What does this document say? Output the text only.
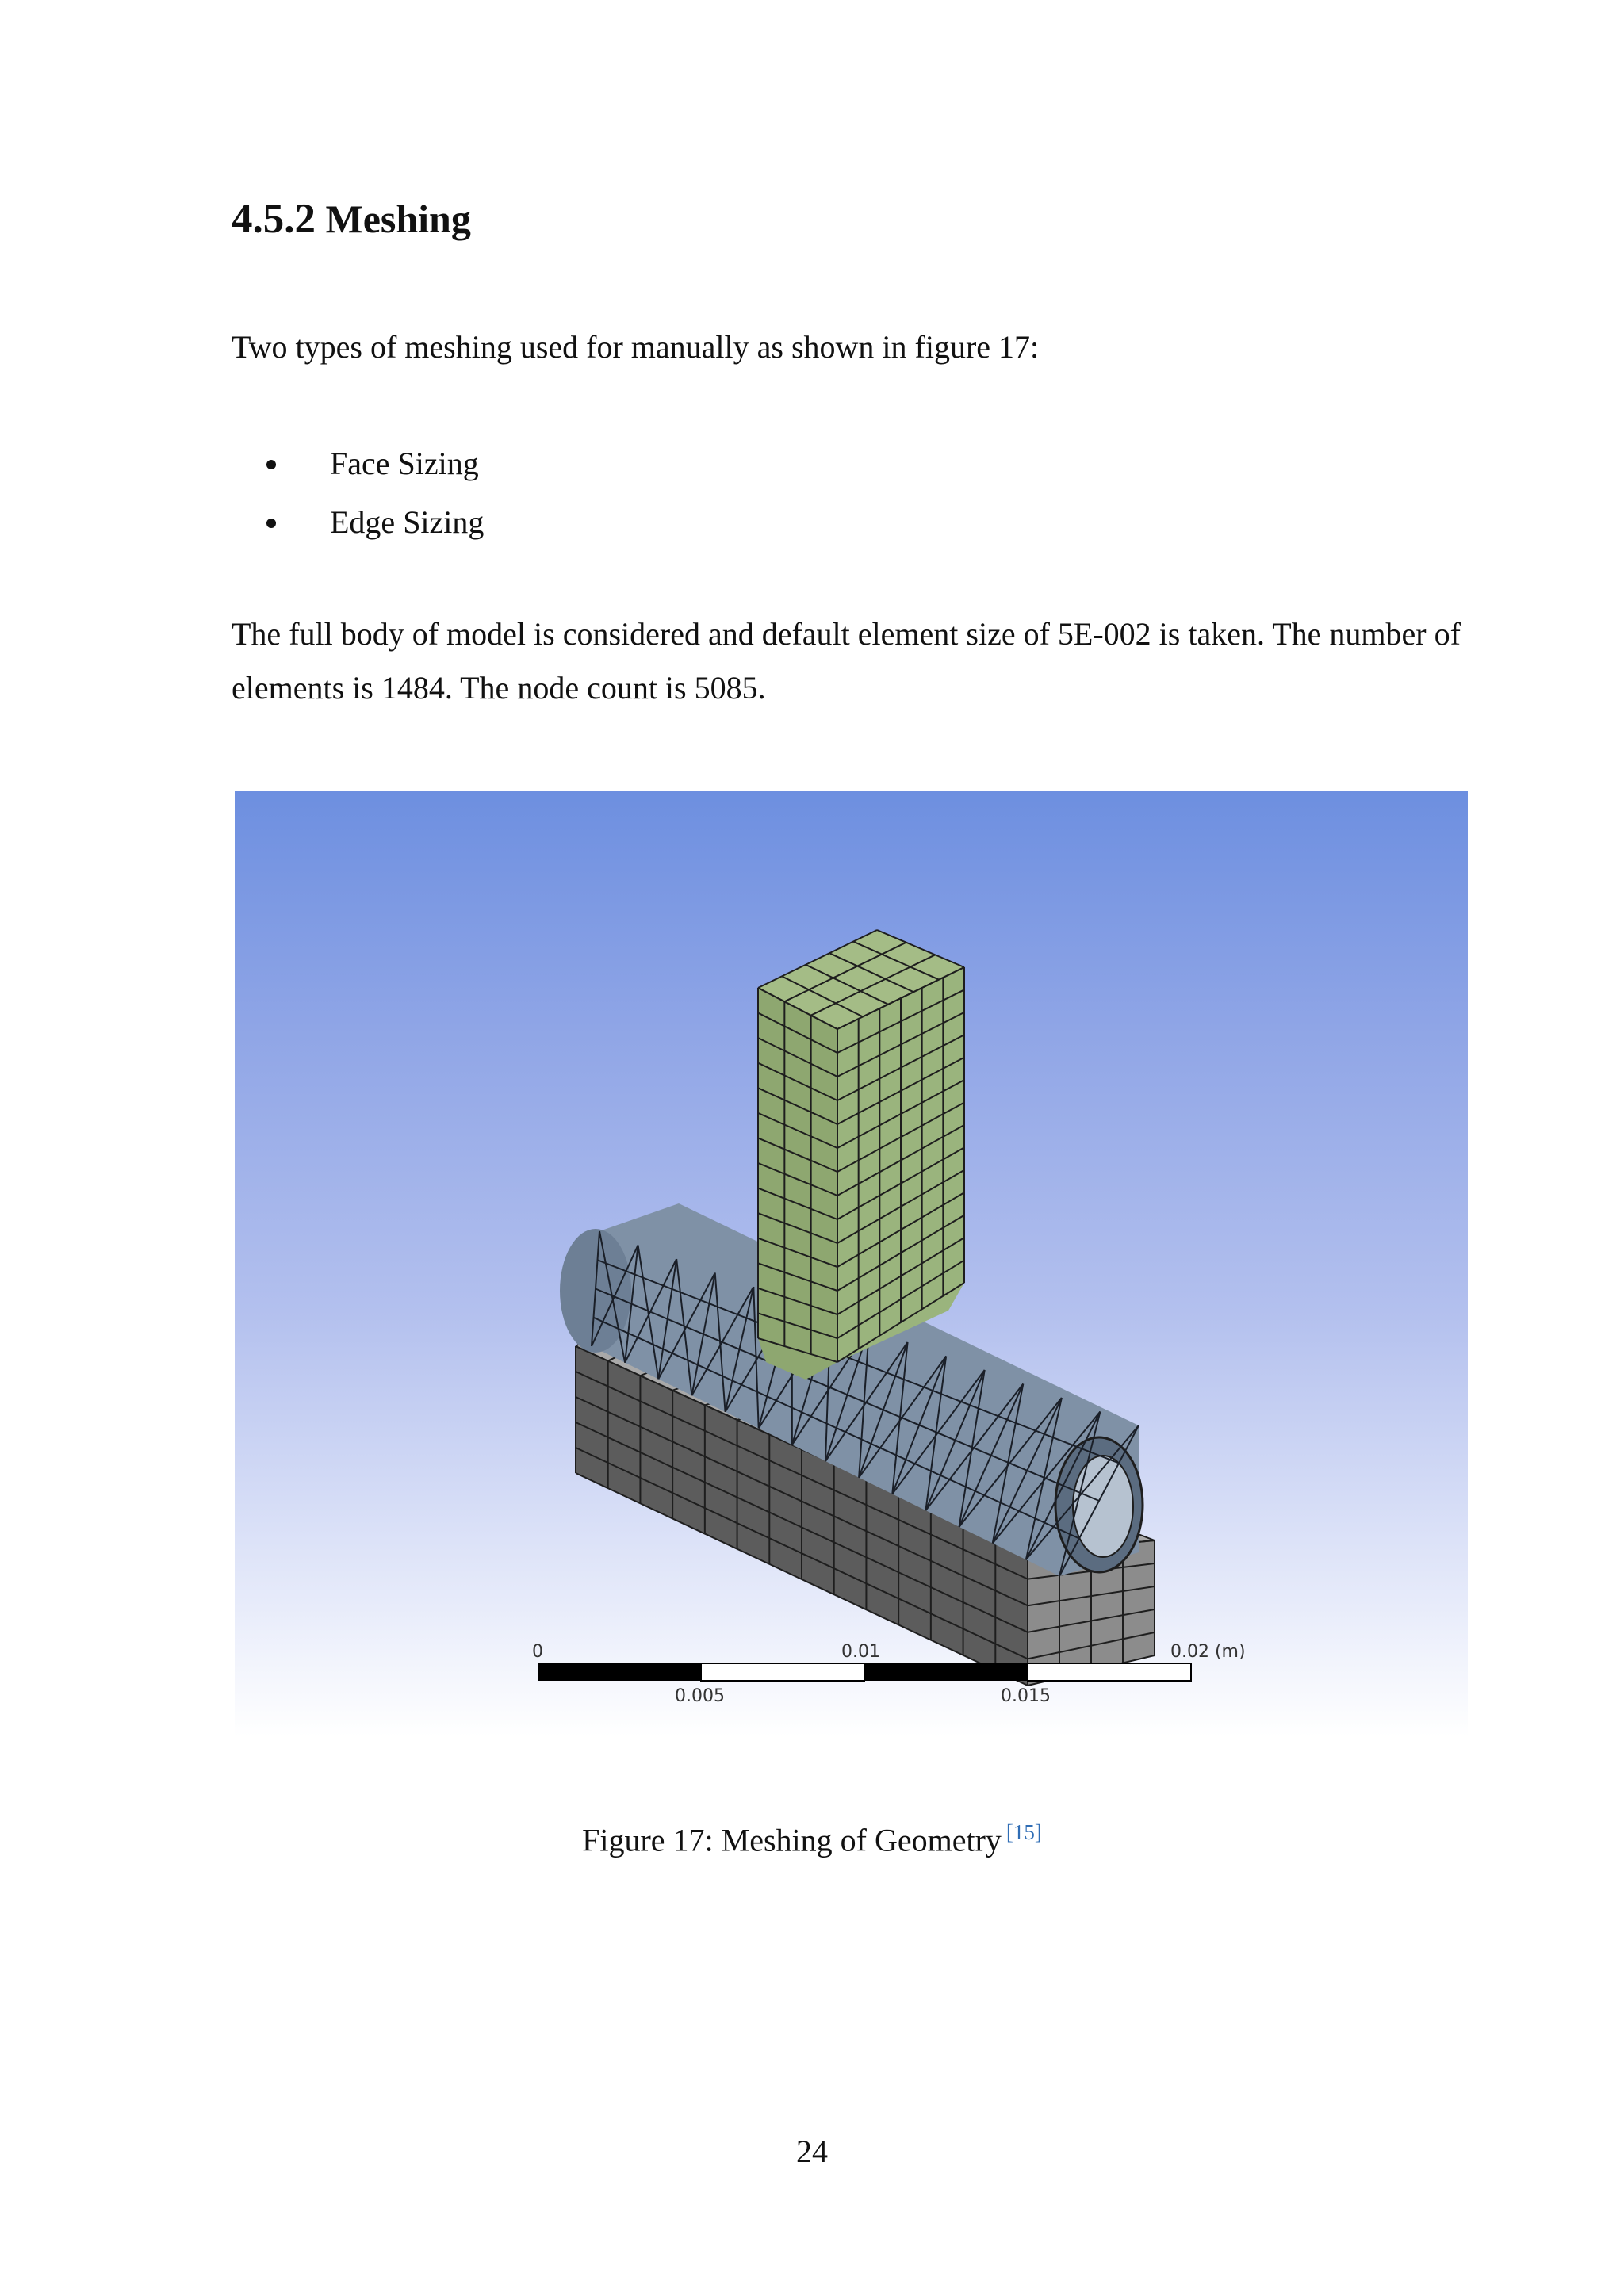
4.5.2 Meshing

Two types of meshing used for manually as shown in figure 17:

Face Sizing
Edge Sizing

The full body of model is considered and default element size of 5E-002 is taken. The number of elements is 1484. The node count is 5085.

0	0.01	0.02 (m)
0.005	0.015

Figure 17: Meshing of Geometry [15]

24
